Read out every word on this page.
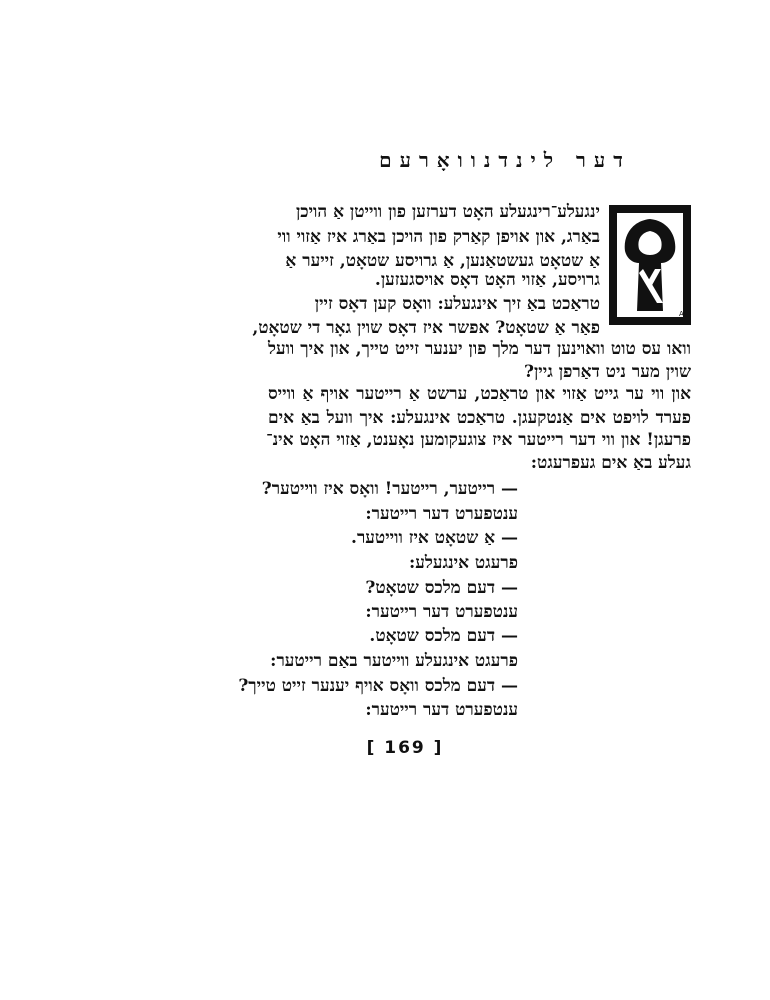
דער לינדנוואָרעם
A
ינגעלע־רינגעלע האָט דערזען פון ווייטן אַ הויכן
באַרג, און אויפן קאַרק פון הויכן באַרג איז אַזוי ווי
אַ שטאָט געשטאַנען, אַ גרויסע שטאָט, זייער אַ
גרויסע, אַזוי האָט דאָס אויסגעזען.
טראַכט באַ זיך אינגעלע: וואָס קען דאָס זיין
פאַר אַ שטאָט? אפשר איז דאָס שוין גאָר די שטאָט,
וואו עס טוט וואוינען דער מלך פון יענער זייט טייך, און איך וועל
שוין מער ניט דאַרפן גיין?
און ווי ער גייט אַזוי און טראַכט, ערשט אַ רייטער אויף אַ ווייס
פערד לויפט אים אַנטקעגן. טראַכט אינגעלע: איך וועל באַ אים
פרעגן! און ווי דער רייטער איז צוגעקומען נאָענט, אַזוי האָט אינ־
געלע באַ אים געפרעגט:
— רייטער, רייטער! וואָס איז ווייטער?
ענטפערט דער רייטער:
— אַ שטאָט איז ווייטער.
פרעגט אינגעלע:
— דעם מלכס שטאָט?
ענטפערט דער רייטער:
— דעם מלכס שטאָט.
פרעגט אינגעלע ווייטער באַם רייטער:
— דעם מלכס וואָס אויף יענער זייט טייך?
ענטפערט דער רייטער:
[ 169 ]
